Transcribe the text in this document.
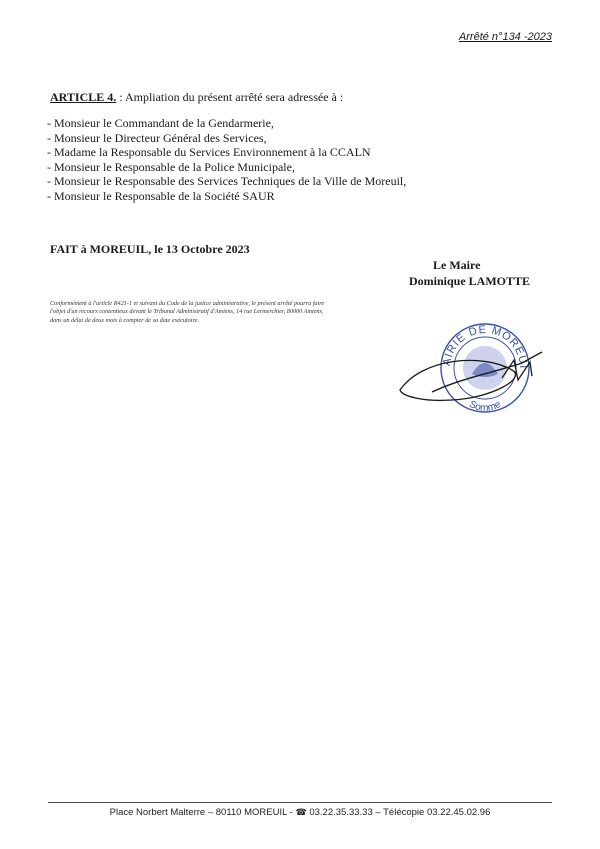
Arrêté n°134 -2023
ARTICLE 4. : Ampliation du présent arrêté sera adressée à :
- Monsieur le Commandant de la Gendarmerie,
- Monsieur le Directeur Général des Services,
- Madame la Responsable du Services Environnement à la CCALN
- Monsieur le Responsable de la Police Municipale,
- Monsieur le Responsable des Services Techniques de la Ville de Moreuil,
- Monsieur le Responsable de la Société SAUR
FAIT à MOREUIL, le 13 Octobre 2023
Le Maire
Dominique LAMOTTE

Conformément à l'article R421-1 et suivant du Code de la justice administrative, le présent arrêté pourra faire l'objet d'un recours contentieux devant le Tribunal Administratif d'Amiens, 14 rue Lermerchier, 80000 Amiens, dans un délai de deux mois à compter de sa date exécutoire.

AIRIE DE MOREUI
Somme
Place Norbert Malterre – 80110 MOREUIL - ☎ 03.22.35.33.33 – Télécopie 03.22.45.02.96
